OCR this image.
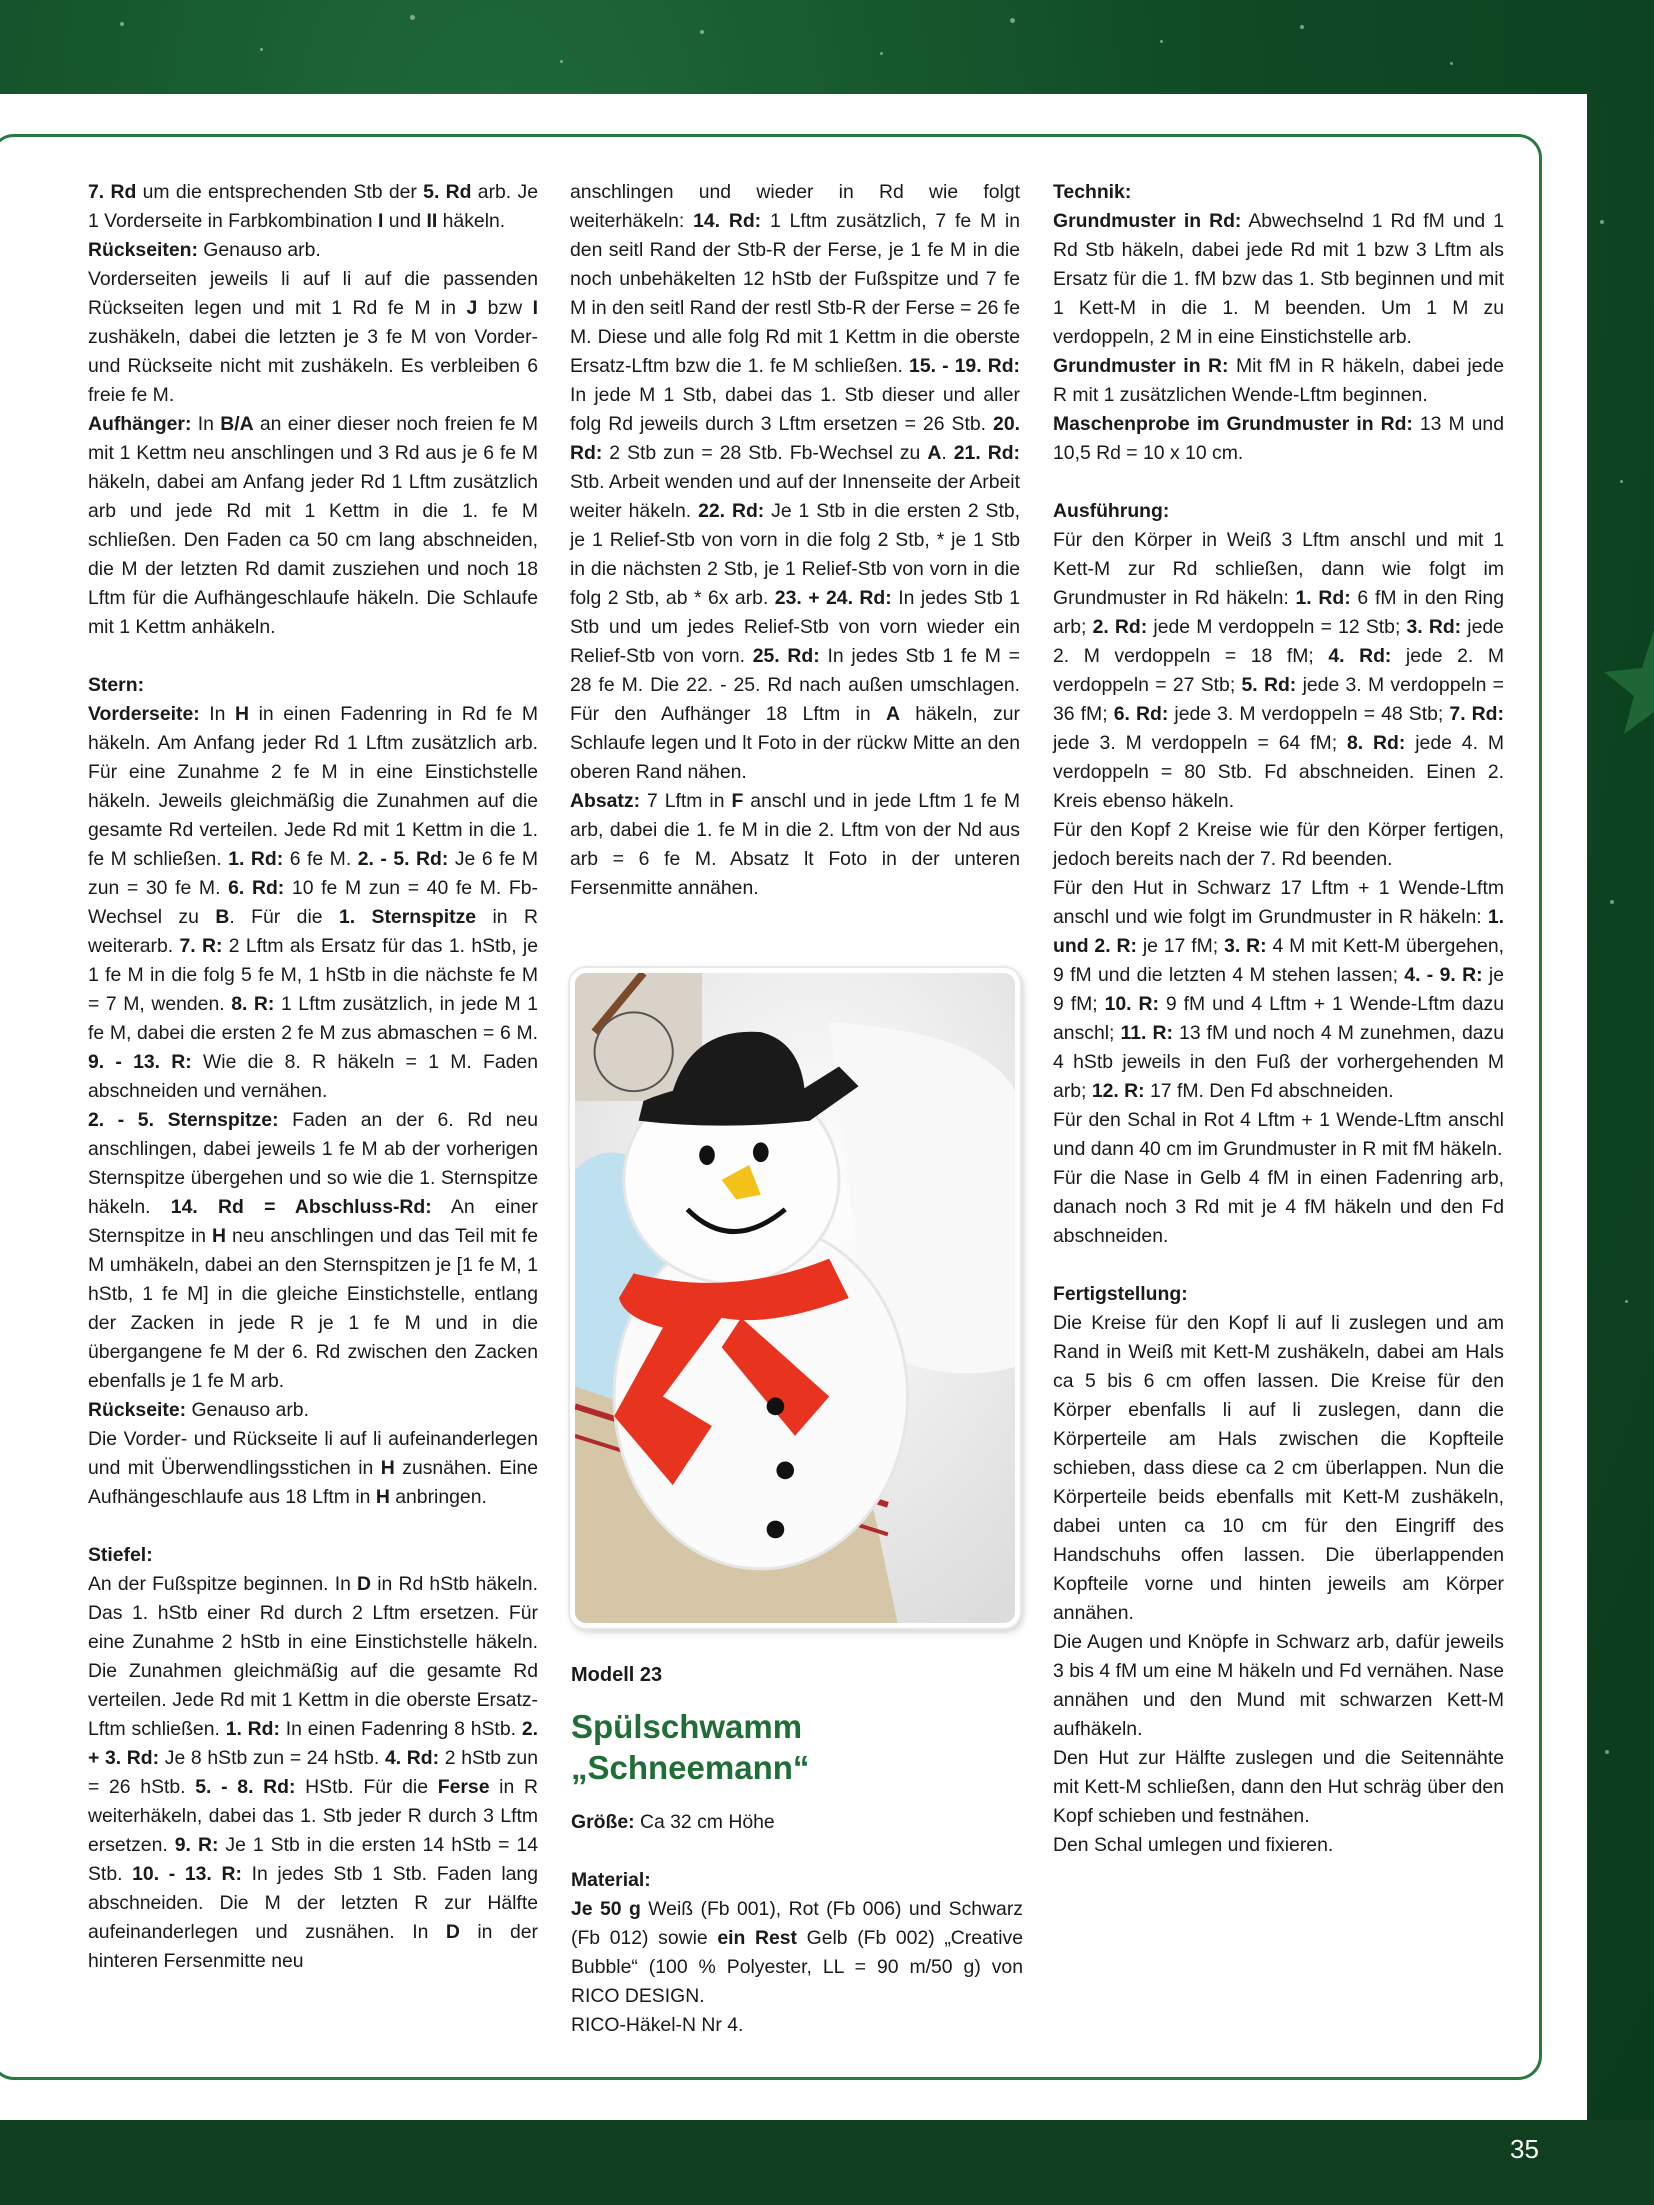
7. Rd um die entsprechenden Stb der 5. Rd arb. Je 1 Vorderseite in Farbkombination I und II häkeln.

Rückseiten: Genauso arb.

Vorderseiten jeweils li auf li auf die passenden Rückseiten legen und mit 1 Rd fe M in J bzw I zushäkeln, dabei die letzten je 3 fe M von Vorder- und Rückseite nicht mit zushäkeln. Es verbleiben 6 freie fe M.

Aufhänger: In B/A an einer dieser noch freien fe M mit 1 Kettm neu anschlingen und 3 Rd aus je 6 fe M häkeln, dabei am Anfang jeder Rd 1 Lftm zusätzlich arb und jede Rd mit 1 Kettm in die 1. fe M schließen. Den Faden ca 50 cm lang abschneiden, die M der letzten Rd damit zusziehen und noch 18 Lftm für die Aufhängeschlaufe häkeln. Die Schlaufe mit 1 Kettm anhäkeln.

Stern:

Vorderseite: In H in einen Fadenring in Rd fe M häkeln. Am Anfang jeder Rd 1 Lftm zusätzlich arb. Für eine Zunahme 2 fe M in eine Einstichstelle häkeln. Jeweils gleichmäßig die Zunahmen auf die gesamte Rd verteilen. Jede Rd mit 1 Kettm in die 1. fe M schließen. 1. Rd: 6 fe M. 2. - 5. Rd: Je 6 fe M zun = 30 fe M. 6. Rd: 10 fe M zun = 40 fe M. Fb-Wechsel zu B. Für die 1. Sternspitze in R weiterarb. 7. R: 2 Lftm als Ersatz für das 1. hStb, je 1 fe M in die folg 5 fe M, 1 hStb in die nächste fe M = 7 M, wenden. 8. R: 1 Lftm zusätzlich, in jede M 1 fe M, dabei die ersten 2 fe M zus abmaschen = 6 M. 9. - 13. R: Wie die 8. R häkeln = 1 M. Faden abschneiden und vernähen.

2. - 5. Sternspitze: Faden an der 6. Rd neu anschlingen, dabei jeweils 1 fe M ab der vorherigen Sternspitze übergehen und so wie die 1. Sternspitze häkeln. 14. Rd = Abschluss-Rd: An einer Sternspitze in H neu anschlingen und das Teil mit fe M umhäkeln, dabei an den Sternspitzen je [1 fe M, 1 hStb, 1 fe M] in die gleiche Einstichstelle, entlang der Zacken in jede R je 1 fe M und in die übergangene fe M der 6. Rd zwischen den Zacken ebenfalls je 1 fe M arb.

Rückseite: Genauso arb.

Die Vorder- und Rückseite li auf li aufeinanderlegen und mit Überwendlingsstichen in H zusnähen. Eine Aufhängeschlaufe aus 18 Lftm in H anbringen.

Stiefel:

An der Fußspitze beginnen. In D in Rd hStb häkeln. Das 1. hStb einer Rd durch 2 Lftm ersetzen. Für eine Zunahme 2 hStb in eine Einstichstelle häkeln. Die Zunahmen gleichmäßig auf die gesamte Rd verteilen. Jede Rd mit 1 Kettm in die oberste Ersatz-Lftm schließen. 1. Rd: In einen Fadenring 8 hStb. 2. + 3. Rd: Je 8 hStb zun = 24 hStb. 4. Rd: 2 hStb zun = 26 hStb. 5. - 8. Rd: HStb. Für die Ferse in R weiterhäkeln, dabei das 1. Stb jeder R durch 3 Lftm ersetzen. 9. R: Je 1 Stb in die ersten 14 hStb = 14 Stb. 10. - 13. R: In jedes Stb 1 Stb. Faden lang abschneiden. Die M der letzten R zur Hälfte aufeinanderlegen und zusnähen. In D in der hinteren Fersenmitte neu

anschlingen und wieder in Rd wie folgt weiterhäkeln: 14. Rd: 1 Lftm zusätzlich, 7 fe M in den seitl Rand der Stb-R der Ferse, je 1 fe M in die noch unbehäkelten 12 hStb der Fußspitze und 7 fe M in den seitl Rand der restl Stb-R der Ferse = 26 fe M. Diese und alle folg Rd mit 1 Kettm in die oberste Ersatz-Lftm bzw die 1. fe M schließen. 15. - 19. Rd: In jede M 1 Stb, dabei das 1. Stb dieser und aller folg Rd jeweils durch 3 Lftm ersetzen = 26 Stb. 20. Rd: 2 Stb zun = 28 Stb. Fb-Wechsel zu A. 21. Rd: Stb. Arbeit wenden und auf der Innenseite der Arbeit weiter häkeln. 22. Rd: Je 1 Stb in die ersten 2 Stb, je 1 Relief-Stb von vorn in die folg 2 Stb, * je 1 Stb in die nächsten 2 Stb, je 1 Relief-Stb von vorn in die folg 2 Stb, ab * 6x arb. 23. + 24. Rd: In jedes Stb 1 Stb und um jedes Relief-Stb von vorn wieder ein Relief-Stb von vorn. 25. Rd: In jedes Stb 1 fe M = 28 fe M. Die 22. - 25. Rd nach außen umschlagen. Für den Aufhänger 18 Lftm in A häkeln, zur Schlaufe legen und lt Foto in der rückw Mitte an den oberen Rand nähen.

Absatz: 7 Lftm in F anschl und in jede Lftm 1 fe M arb, dabei die 1. fe M in die 2. Lftm von der Nd aus arb = 6 fe M. Absatz lt Foto in der unteren Fersenmitte annähen.

Modell 23
Spülschwamm
„Schneemann“

Größe: Ca 32 cm Höhe

Material:

Je 50 g Weiß (Fb 001), Rot (Fb 006) und Schwarz (Fb 012) sowie ein Rest Gelb (Fb 002) „Creative Bubble“ (100 % Polyester, LL = 90 m/50 g) von RICO DESIGN.

RICO-Häkel-N Nr 4.

Technik:

Grundmuster in Rd: Abwechselnd 1 Rd fM und 1 Rd Stb häkeln, dabei jede Rd mit 1 bzw 3 Lftm als Ersatz für die 1. fM bzw das 1. Stb beginnen und mit 1 Kett-M in die 1. M beenden. Um 1 M zu verdoppeln, 2 M in eine Einstichstelle arb.

Grundmuster in R: Mit fM in R häkeln, dabei jede R mit 1 zusätzlichen Wende-Lftm beginnen.

Maschenprobe im Grundmuster in Rd: 13 M und 10,5 Rd = 10 x 10 cm.

Ausführung:

Für den Körper in Weiß 3 Lftm anschl und mit 1 Kett-M zur Rd schließen, dann wie folgt im Grundmuster in Rd häkeln: 1. Rd: 6 fM in den Ring arb; 2. Rd: jede M verdoppeln = 12 Stb; 3. Rd: jede 2. M verdoppeln = 18 fM; 4. Rd: jede 2. M verdoppeln = 27 Stb; 5. Rd: jede 3. M verdoppeln = 36 fM; 6. Rd: jede 3. M verdoppeln = 48 Stb; 7. Rd: jede 3. M verdoppeln = 64 fM; 8. Rd: jede 4. M verdoppeln = 80 Stb. Fd abschneiden. Einen 2. Kreis ebenso häkeln.

Für den Kopf 2 Kreise wie für den Körper fertigen, jedoch bereits nach der 7. Rd beenden.

Für den Hut in Schwarz 17 Lftm + 1 Wende-Lftm anschl und wie folgt im Grundmuster in R häkeln: 1. und 2. R: je 17 fM; 3. R: 4 M mit Kett-M übergehen, 9 fM und die letzten 4 M stehen lassen; 4. - 9. R: je 9 fM; 10. R: 9 fM und 4 Lftm + 1 Wende-Lftm dazu anschl; 11. R: 13 fM und noch 4 M zunehmen, dazu 4 hStb jeweils in den Fuß der vorhergehenden M arb; 12. R: 17 fM. Den Fd abschneiden.

Für den Schal in Rot 4 Lftm + 1 Wende-Lftm anschl und dann 40 cm im Grundmuster in R mit fM häkeln.

Für die Nase in Gelb 4 fM in einen Fadenring arb, danach noch 3 Rd mit je 4 fM häkeln und den Fd abschneiden.

Fertigstellung:

Die Kreise für den Kopf li auf li zuslegen und am Rand in Weiß mit Kett-M zushäkeln, dabei am Hals ca 5 bis 6 cm offen lassen. Die Kreise für den Körper ebenfalls li auf li zuslegen, dann die Körperteile am Hals zwischen die Kopfteile schieben, dass diese ca 2 cm überlappen. Nun die Körperteile beids ebenfalls mit Kett-M zushäkeln, dabei unten ca 10 cm für den Eingriff des Handschuhs offen lassen. Die überlappenden Kopfteile vorne und hinten jeweils am Körper annähen.

Die Augen und Knöpfe in Schwarz arb, dafür jeweils 3 bis 4 fM um eine M häkeln und Fd vernähen. Nase annähen und den Mund mit schwarzen Kett-M aufhäkeln.

Den Hut zur Hälfte zuslegen und die Seitennähte mit Kett-M schließen, dann den Hut schräg über den Kopf schieben und festnähen.

Den Schal umlegen und fixieren.

35
